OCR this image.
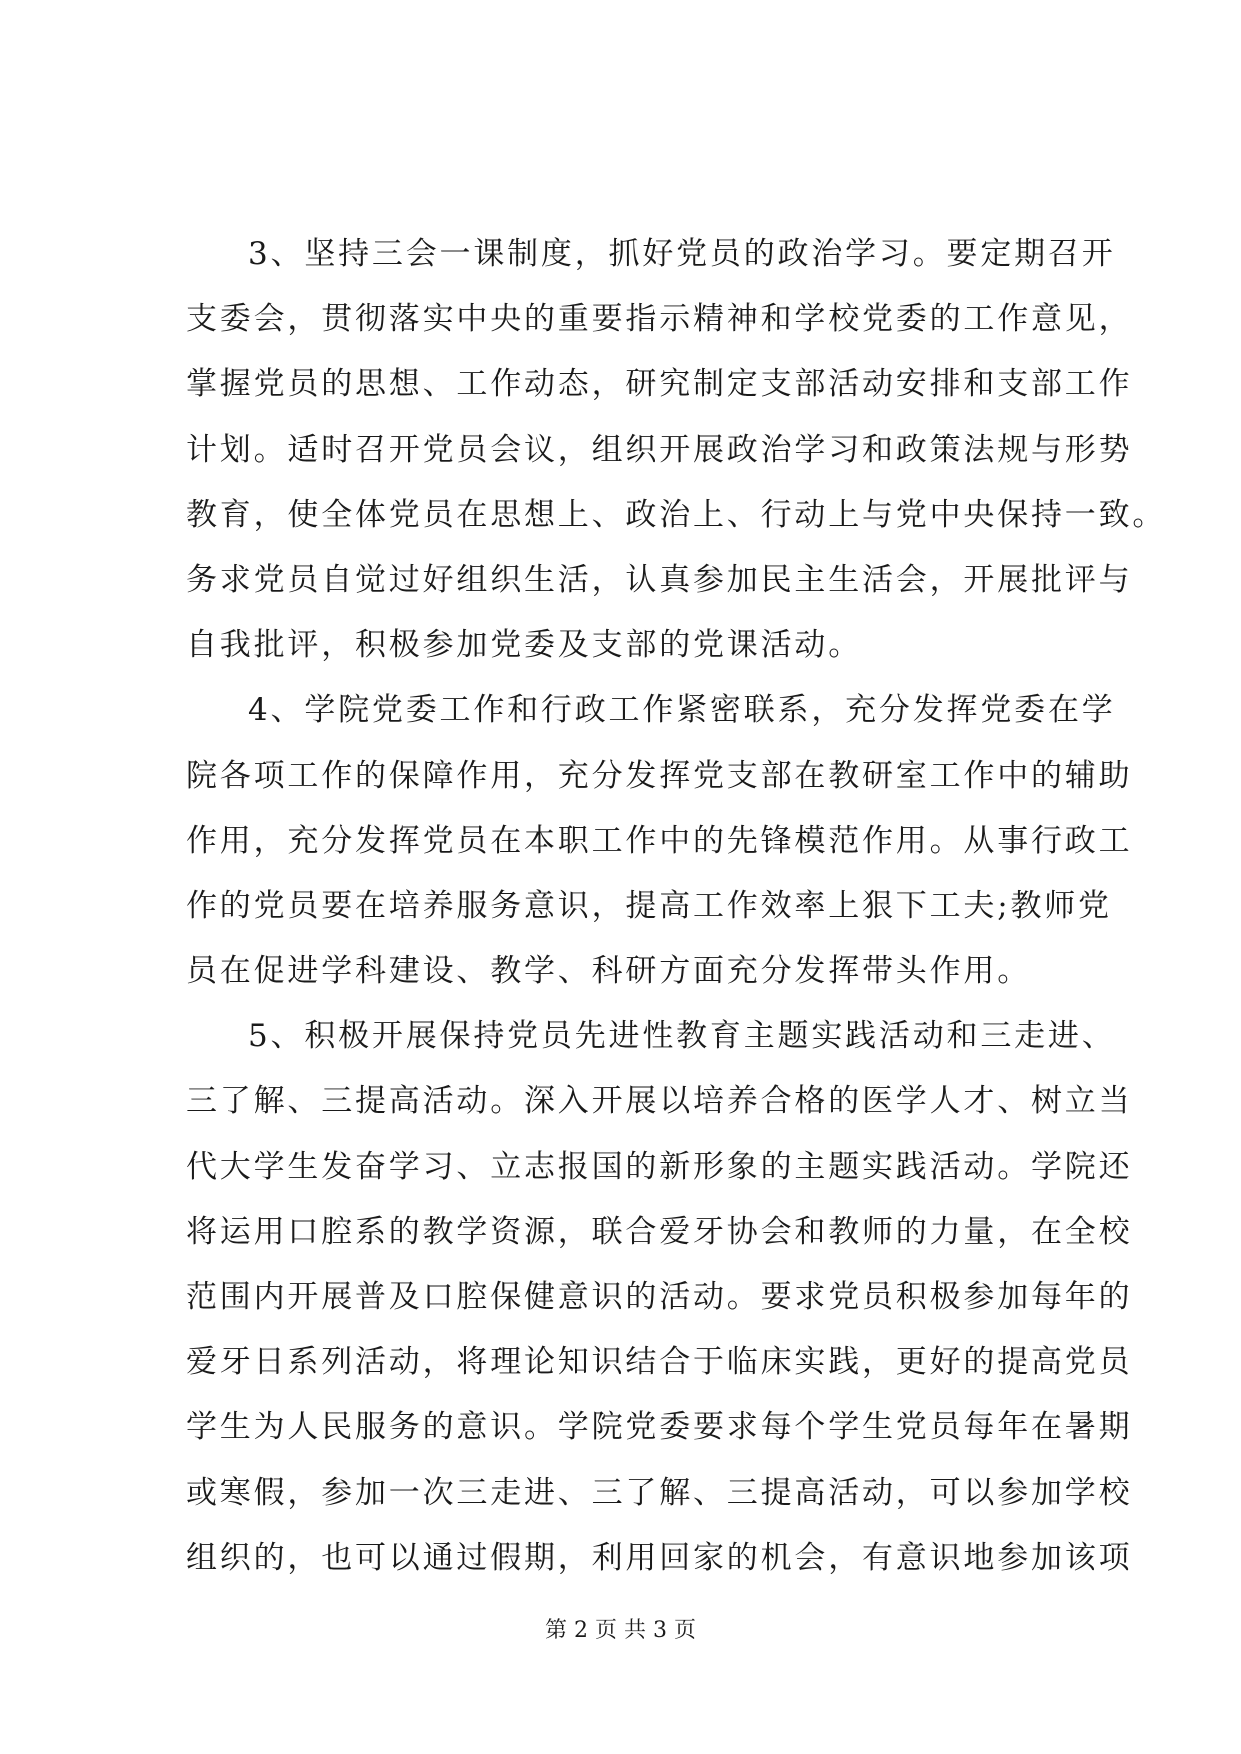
3、坚持三会一课制度，抓好党员的政治学习。要定期召开
支委会，贯彻落实中央的重要指示精神和学校党委的工作意见，
掌握党员的思想、工作动态，研究制定支部活动安排和支部工作
计划。适时召开党员会议，组织开展政治学习和政策法规与形势
教育，使全体党员在思想上、政治上、行动上与党中央保持一致。
务求党员自觉过好组织生活，认真参加民主生活会，开展批评与
自我批评，积极参加党委及支部的党课活动。
4、学院党委工作和行政工作紧密联系，充分发挥党委在学
院各项工作的保障作用，充分发挥党支部在教研室工作中的辅助
作用，充分发挥党员在本职工作中的先锋模范作用。从事行政工
作的党员要在培养服务意识，提高工作效率上狠下工夫;教师党
员在促进学科建设、教学、科研方面充分发挥带头作用。
5、积极开展保持党员先进性教育主题实践活动和三走进、
三了解、三提高活动。深入开展以培养合格的医学人才、树立当
代大学生发奋学习、立志报国的新形象的主题实践活动。学院还
将运用口腔系的教学资源，联合爱牙协会和教师的力量，在全校
范围内开展普及口腔保健意识的活动。要求党员积极参加每年的
爱牙日系列活动，将理论知识结合于临床实践，更好的提高党员
学生为人民服务的意识。学院党委要求每个学生党员每年在暑期
或寒假，参加一次三走进、三了解、三提高活动，可以参加学校
组织的，也可以通过假期，利用回家的机会，有意识地参加该项
第 2 页 共 3 页
